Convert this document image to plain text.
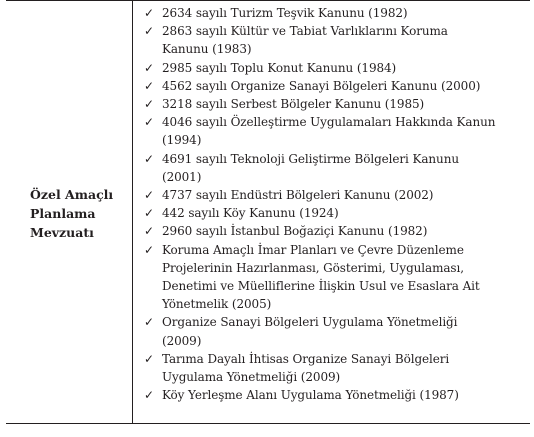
Özel Amaçlı
Planlama
Mevzuatı
✓ 2634 sayılı Turizm Teşvik Kanunu (1982)
✓ 2863 sayılı Kültür ve Tabiat Varlıklarını Koruma
Kanunu (1983)
✓ 2985 sayılı Toplu Konut Kanunu (1984)
✓ 4562 sayılı Organize Sanayi Bölgeleri Kanunu (2000)
✓ 3218 sayılı Serbest Bölgeler Kanunu (1985)
✓ 4046 sayılı Özelleştirme Uygulamaları Hakkında Kanun
(1994)
✓ 4691 sayılı Teknoloji Geliştirme Bölgeleri Kanunu
(2001)
✓ 4737 sayılı Endüstri Bölgeleri Kanunu (2002)
✓ 442 sayılı Köy Kanunu (1924)
✓ 2960 sayılı İstanbul Boğaziçi Kanunu (1982)
✓ Koruma Amaçlı İmar Planları ve Çevre Düzenleme
Projelerinin Hazırlanması, Gösterimi, Uygulaması,
Denetimi ve Müelliflerine İlişkin Usul ve Esaslara Ait
Yönetmelik (2005)
✓ Organize Sanayi Bölgeleri Uygulama Yönetmeliği
(2009)
✓ Tarıma Dayalı İhtisas Organize Sanayi Bölgeleri
Uygulama Yönetmeliği (2009)
✓ Köy Yerleşme Alanı Uygulama Yönetmeliği (1987)
